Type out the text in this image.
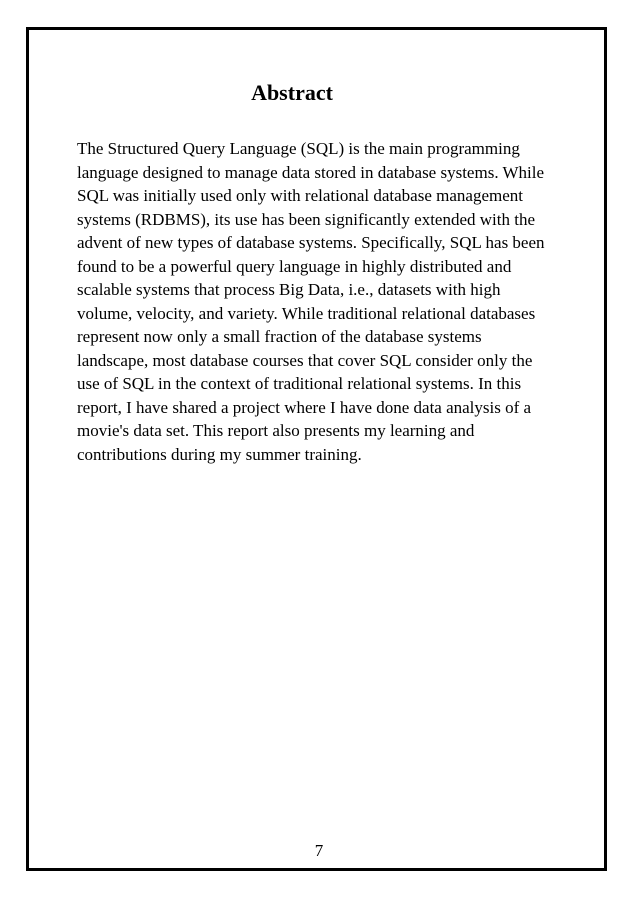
Abstract

The Structured Query Language (SQL) is the main programming
language designed to manage data stored in database systems. While
SQL was initially used only with relational database management
systems (RDBMS), its use has been significantly extended with the
advent of new types of database systems. Specifically, SQL has been
found to be a powerful query language in highly distributed and
scalable systems that process Big Data, i.e., datasets with high
volume, velocity, and variety. While traditional relational databases
represent now only a small fraction of the database systems
landscape, most database courses that cover SQL consider only the
use of SQL in the context of traditional relational systems. In this
report, I have shared a project where I have done data analysis of a
movie's data set. This report also presents my learning and
contributions during my summer training.

7
